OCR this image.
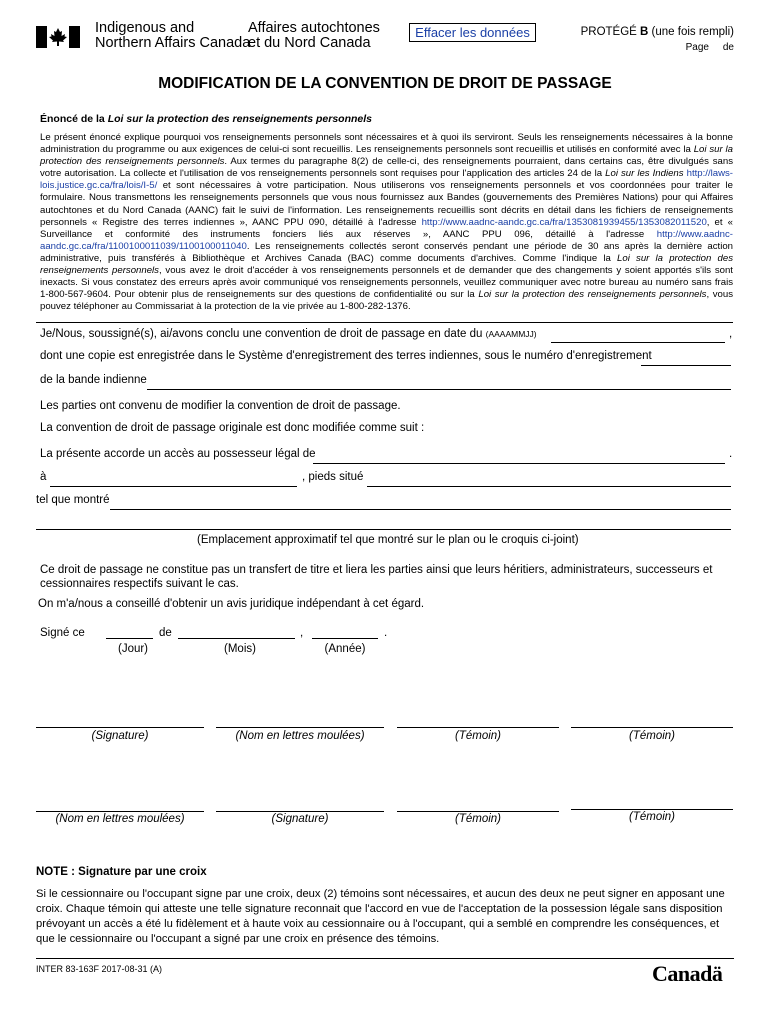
Indigenous and
Northern Affairs Canada
Affaires autochtones
et du Nord Canada
Effacer les données	PROTÉGÉ B (une fois rempli)
Page     de
MODIFICATION DE LA CONVENTION DE DROIT DE PASSAGE
Énoncé de la Loi sur la protection des renseignements personnels
Le présent énoncé explique pourquoi vos renseignements personnels sont nécessaires et à quoi ils serviront. Seuls les renseignements nécessaires à la bonne administration du programme ou aux exigences de celui-ci sont recueillis. Les renseignements personnels sont recueillis et utilisés en conformité avec la Loi sur la protection des renseignements personnels. Aux termes du paragraphe 8(2) de celle-ci, des renseignements pourraient, dans certains cas, être divulgués sans votre autorisation. La collecte et l'utilisation de vos renseignements personnels sont requises pour l'application des articles 24 de la Loi sur les Indiens http://laws-lois.justice.gc.ca/fra/lois/I-5/ et sont nécessaires à votre participation. Nous utiliserons vos renseignements personnels et vos coordonnées pour traiter le formulaire. Nous transmettons les renseignements personnels que vous nous fournissez aux Bandes (gouvernements des Premières Nations) pour qui Affaires autochtones et du Nord Canada (AANC) fait le suivi de l'information. Les renseignements recueillis sont décrits en détail dans les fichiers de renseignements personnels « Registre des terres indiennes », AANC PPU 090, détaillé à l'adresse http://www.aadnc-aandc.gc.ca/fra/1353081939455/1353082011520, et « Surveillance et conformité des instruments fonciers liés aux réserves », AANC PPU 096, détaillé à l'adresse http://www.aadnc-aandc.gc.ca/fra/1100100011039/1100100011040. Les renseignements collectés seront conservés pendant une période de 30 ans après la dernière action administrative, puis transférés à Bibliothèque et Archives Canada (BAC) comme documents d'archives. Comme l'indique la Loi sur la protection des renseignements personnels, vous avez le droit d'accéder à vos renseignements personnels et de demander que des changements y soient apportés s'ils sont inexacts. Si vous constatez des erreurs après avoir communiqué vos renseignements personnels, veuillez communiquer avec notre bureau au numéro sans frais 1-800-567-9604. Pour obtenir plus de renseignements sur des questions de confidentialité ou sur la Loi sur la protection des renseignements personnels, vous pouvez téléphoner au Commissariat à la protection de la vie privée au 1-800-282-1376.
Je/Nous, soussigné(s), ai/avons conclu une convention de droit de passage en date du (AAAAMMJJ)	,
dont une copie est enregistrée dans le Système d'enregistrement des terres indiennes, sous le numéro d'enregistrement
de la bande indienne
Les parties ont convenu de modifier la convention de droit de passage.
La convention de droit de passage originale est donc modifiée comme suit :
La présente accorde un accès au possesseur légal de	.
à	, pieds situé
tel que montré
(Emplacement approximatif tel que montré sur le plan ou le croquis ci-joint)
Ce droit de passage ne constitue pas un transfert de titre et liera les parties ainsi que leurs héritiers, administrateurs, successeurs et cessionnaires respectifs suivant le cas.
On m'a/nous a conseillé d'obtenir un avis juridique indépendant à cet égard.
Signé ce	de	,	.
(Jour)	(Mois)	(Année)
(Signature)	(Nom en lettres moulées)	(Témoin)	(Témoin)
(Nom en lettres moulées)	(Signature)	(Témoin)	(Témoin)
NOTE : Signature par une croix
Si le cessionnaire ou l'occupant signe par une croix, deux (2) témoins sont nécessaires, et aucun des deux ne peut signer en apposant une croix. Chaque témoin qui atteste une telle signature reconnait que l'accord en vue de l'acceptation de la possession légale sans disposition prévoyant un accès a été lu fidèlement et à haute voix au cessionnaire ou à l'occupant, qui a semblé en comprendre les conséquences, et que le cessionnaire ou l'occupant a signé par une croix en présence des témoins.
INTER 83-163F 2017-08-31 (A)	Canadä
